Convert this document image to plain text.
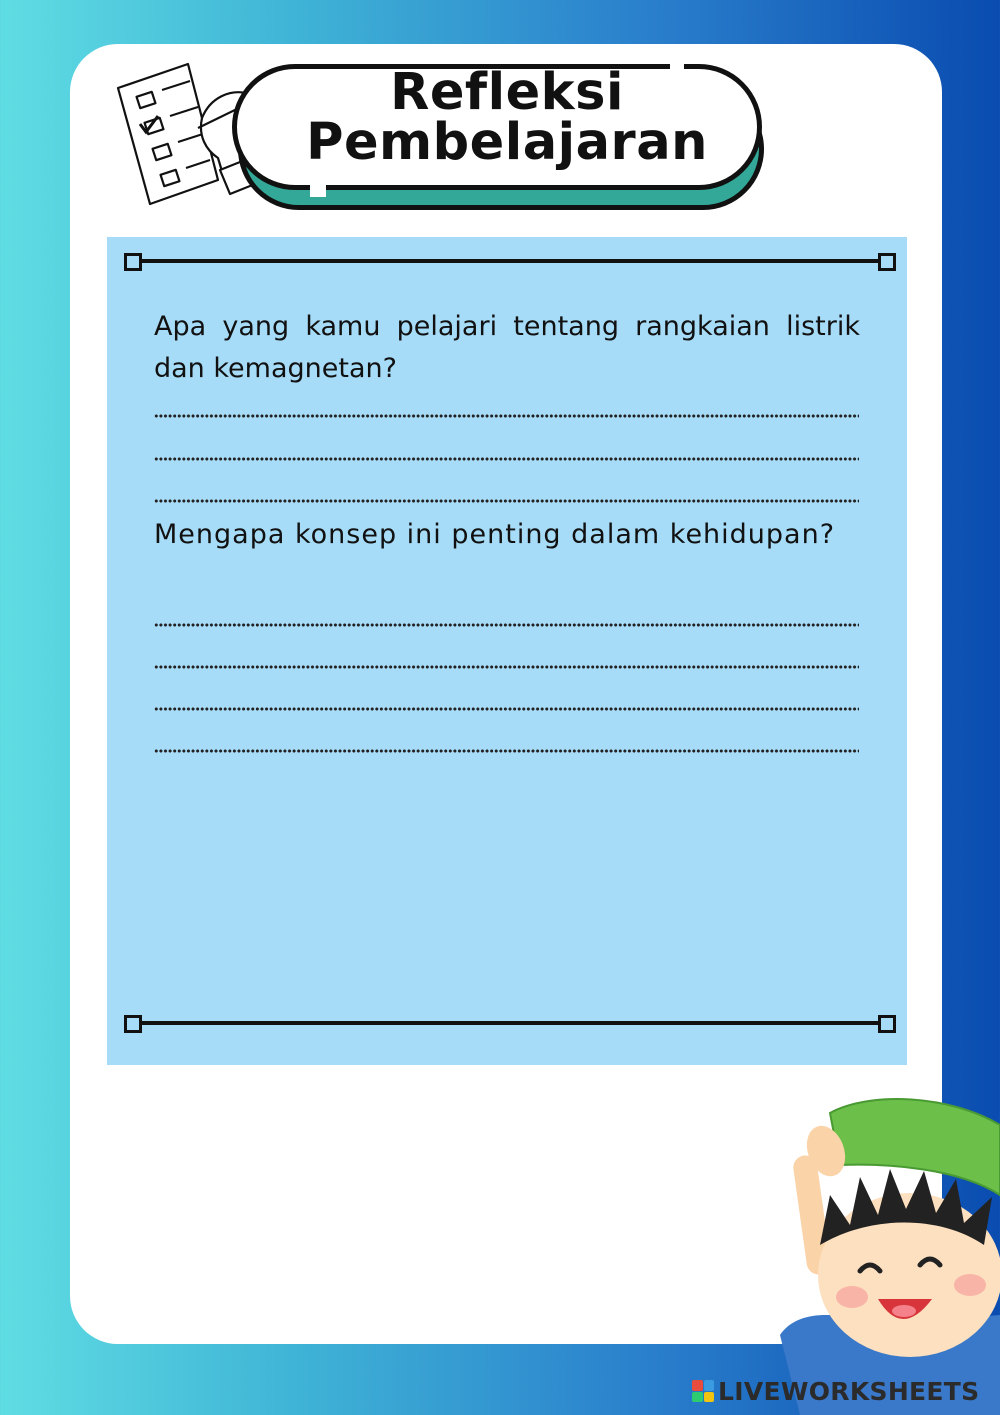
Refleksi
Pembelajaran
Apa yang kamu pelajari tentang rangkaian listrik dan kemagnetan?
Mengapa konsep ini penting dalam kehidupan?
LIVEWORKSHEETS
